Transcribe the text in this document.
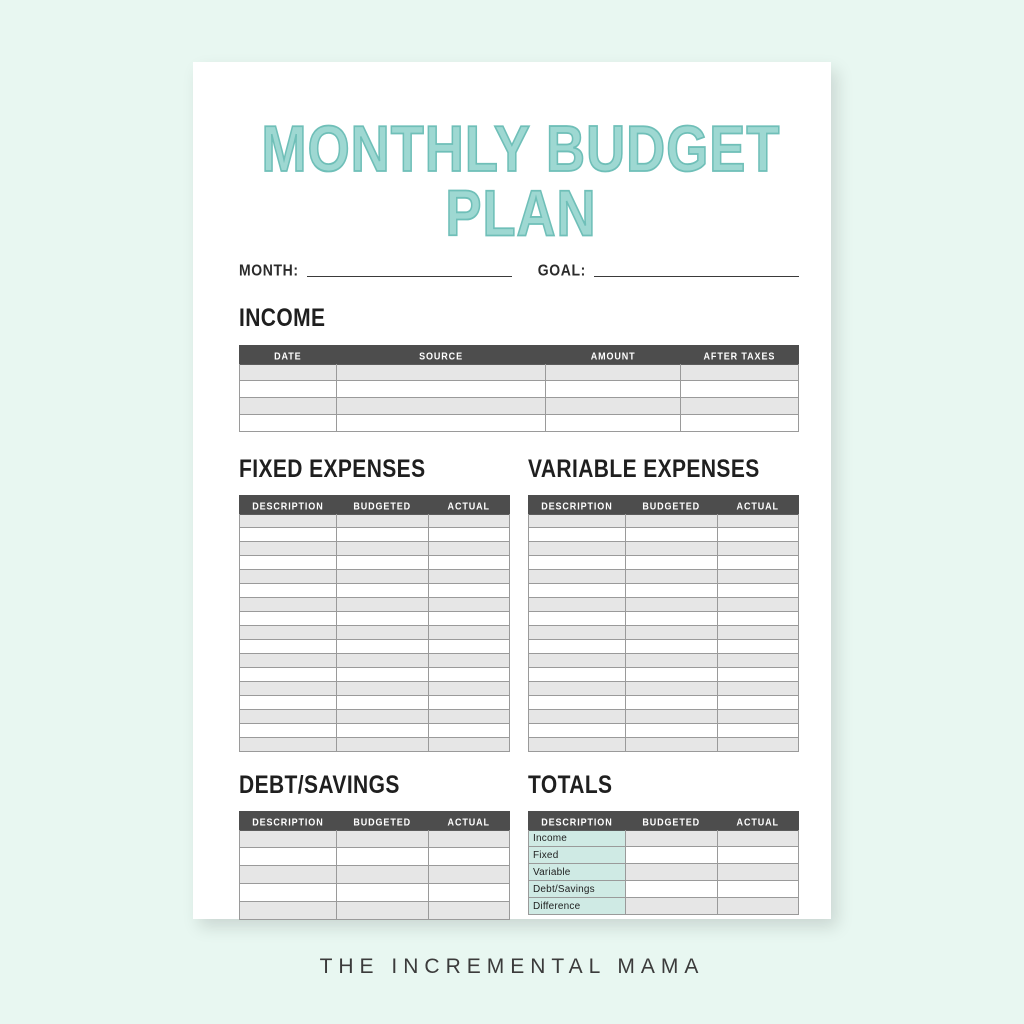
MONTHLY BUDGET PLAN
MONTH:	GOAL:
INCOME
DATE	SOURCE	AMOUNT	AFTER TAXES

FIXED EXPENSES
DESCRIPTION	BUDGETED	ACTUAL

VARIABLE EXPENSES
DESCRIPTION	BUDGETED	ACTUAL

DEBT/SAVINGS
DESCRIPTION	BUDGETED	ACTUAL

TOTALS
DESCRIPTION	BUDGETED	ACTUAL
Income		
Fixed		
Variable		
Debt/Savings		
Difference		
THE INCREMENTAL MAMA
